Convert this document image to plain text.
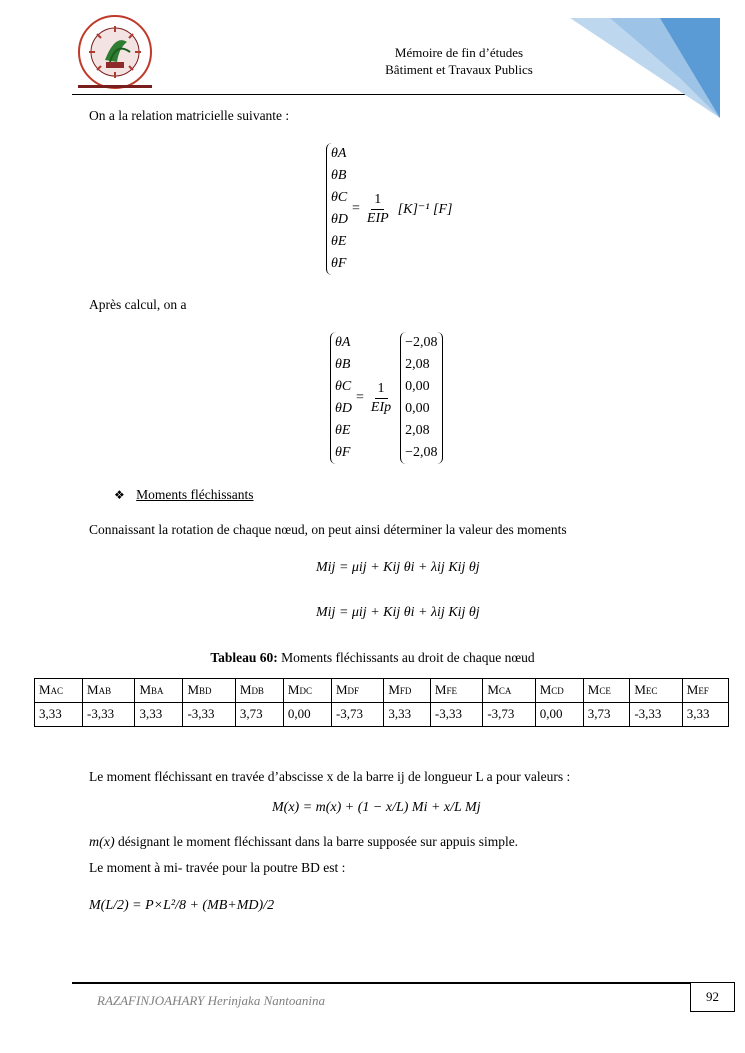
Mémoire de fin d’études
Bâtiment et Travaux Publics
On a la relation matricielle suivante :
θA
θB
θC
θD
θE
θF
= $\frac{1}{\text{EIP}} [K]^{-1}$ [F]
Après calcul, on a
θA
θB
θC
θD
θE
θF
= $\frac{1}{\text{EIp}}$
−2,08
2,08
0,00
0,00
2,08
−2,08
❖ Moments fléchissants
Connaissant la rotation de chaque nœud, on peut ainsi déterminer la valeur des moments
Mij = μij + Kij θi + λij Kij θj
Mij = μij + Kij θi + λij Kij θj
Tableau 60: Moments fléchissants au droit de chaque nœud
MAC	MAB	MBA	MBD	MDB	MDC	MDF	MFD	MFE	MCA	MCD	MCE	MEC	MEF
3,33	-3,33	3,33	-3,33	3,73	0,00	-3,73	3,33	-3,33	-3,73	0,00	3,73	-3,33	3,33
Le moment fléchissant en travée d’abscisse x de la barre ij de longueur L a pour valeurs :
M(x) = m(x) + (1 − x/L) Mi + x/L Mj
m(x) désignant le moment fléchissant dans la barre supposée sur appuis simple.
Le moment à mi- travée pour la poutre BD est :
M(L/2) = P×L²/8 + (MB+MD)/2
RAZAFINJOAHARY Herinjaka Nantoanina	92
